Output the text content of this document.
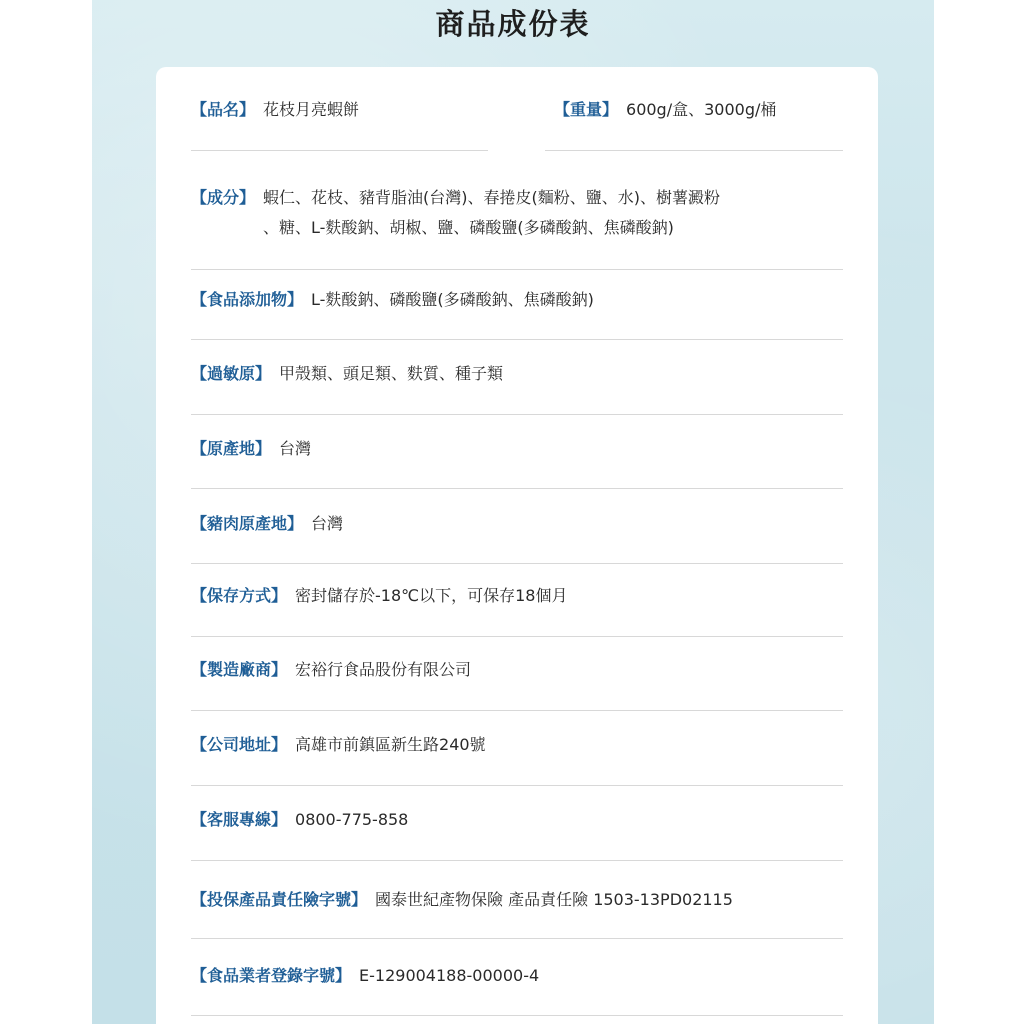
商品成份表
【品名】 花枝月亮蝦餅	【重量】 600g/盒、3000g/桶
【成分】 蝦仁、花枝、豬背脂油(台灣)、春捲皮(麵粉、鹽、水)、樹薯澱粉
、糖、L-麩酸鈉、胡椒、鹽、磷酸鹽(多磷酸鈉、焦磷酸鈉)
【食品添加物】 L-麩酸鈉、磷酸鹽(多磷酸鈉、焦磷酸鈉)
【過敏原】 甲殼類、頭足類、麩質、種子類
【原產地】 台灣
【豬肉原產地】 台灣
【保存方式】 密封儲存於-18℃以下，可保存18個月
【製造廠商】 宏裕行食品股份有限公司
【公司地址】 高雄市前鎮區新生路240號
【客服專線】 0800-775-858
【投保產品責任險字號】 國泰世紀產物保險 產品責任險 1503-13PD02115
【食品業者登錄字號】 E-129004188-00000-4
